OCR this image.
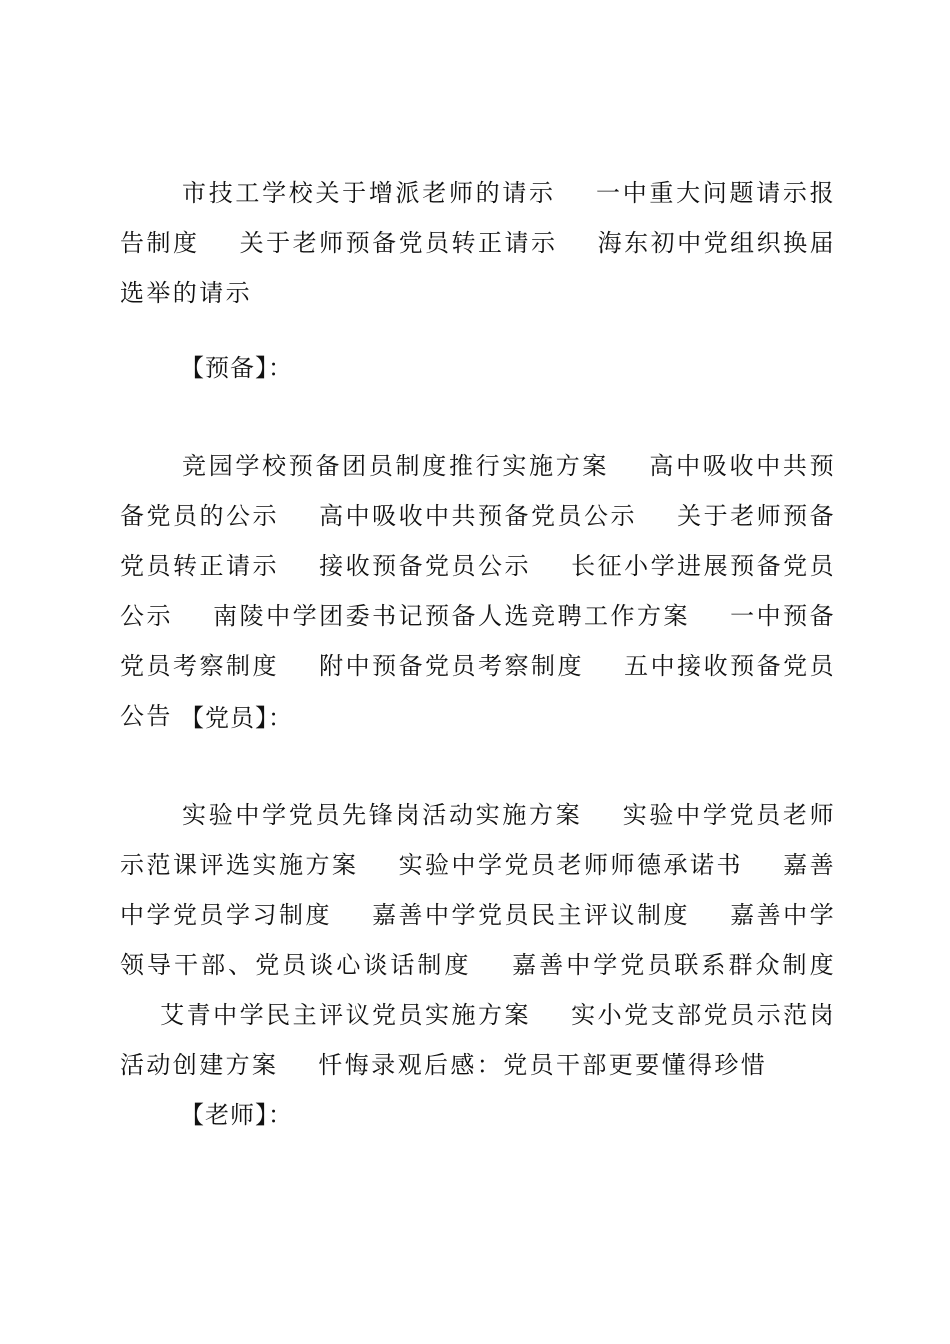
市技工学校关于增派老师的请示 一中重大问题请示报告制度 关于老师预备党员转正请示 海东初中党组织换届选举的请示

【预备】：

竞园学校预备团员制度推行实施方案 高中吸收中共预备党员的公示 高中吸收中共预备党员公示 关于老师预备党员转正请示 接收预备党员公示 长征小学进展预备党员公示 南陵中学团委书记预备人选竞聘工作方案 一中预备党员考察制度 附中预备党员考察制度 五中接收预备党员公告 【党员】：

实验中学党员先锋岗活动实施方案 实验中学党员老师示范课评选实施方案 实验中学党员老师师德承诺书 嘉善中学党员学习制度 嘉善中学党员民主评议制度 嘉善中学领导干部、党员谈心谈话制度 嘉善中学党员联系群众制度艾青中学民主评议党员实施方案 实小党支部党员示范岗活动创建方案 忏悔录观后感：党员干部更要懂得珍惜

【老师】：
